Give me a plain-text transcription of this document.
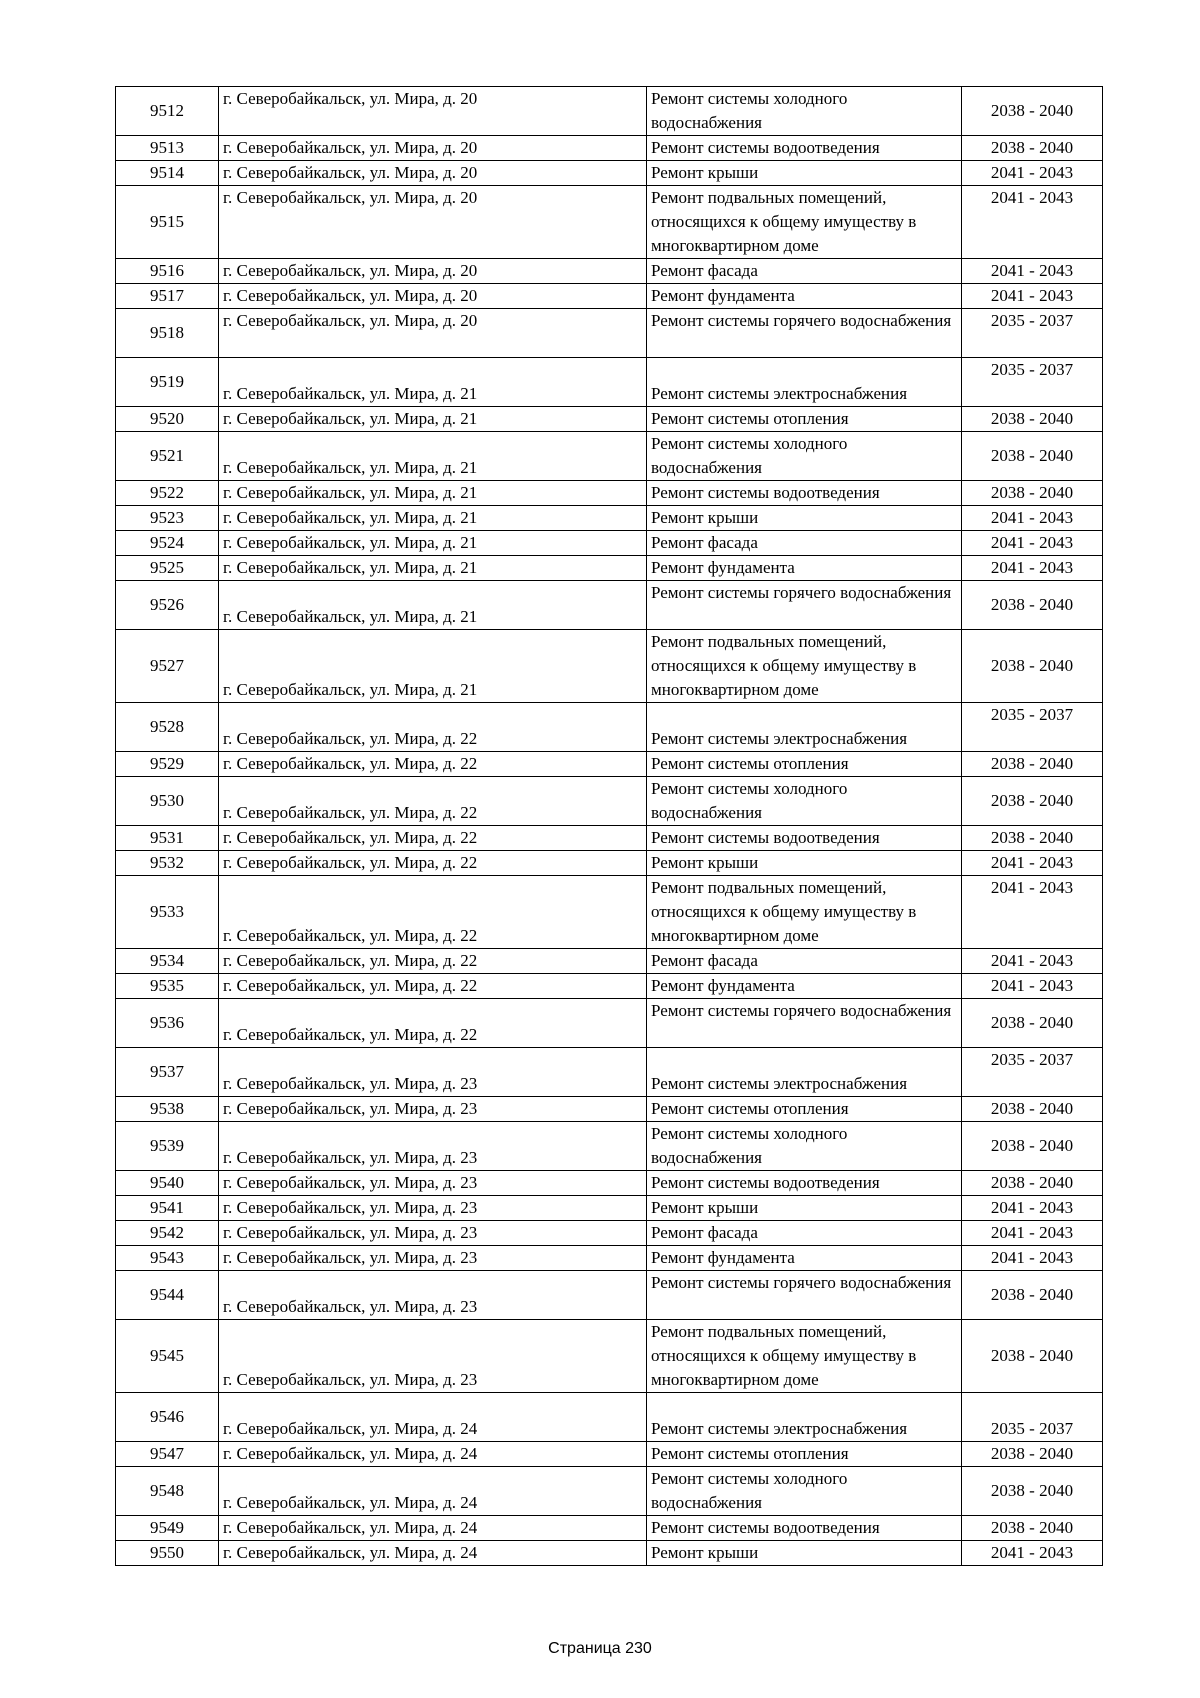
9512	г. Северобайкальск, ул. Мира, д. 20	Ремонт системы холодного водоснабжения	2038 - 2040
9513	г. Северобайкальск, ул. Мира, д. 20	Ремонт системы водоотведения	2038 - 2040
9514	г. Северобайкальск, ул. Мира, д. 20	Ремонт крыши	2041 - 2043
9515	г. Северобайкальск, ул. Мира, д. 20	Ремонт подвальных помещений, относящихся к общему имуществу в многоквартирном доме	2041 - 2043
9516	г. Северобайкальск, ул. Мира, д. 20	Ремонт фасада	2041 - 2043
9517	г. Северобайкальск, ул. Мира, д. 20	Ремонт фундамента	2041 - 2043
9518	г. Северобайкальск, ул. Мира, д. 20	Ремонт системы горячего водоснабжения	2035 - 2037
9519	г. Северобайкальск, ул. Мира, д. 21	Ремонт системы электроснабжения	2035 - 2037
9520	г. Северобайкальск, ул. Мира, д. 21	Ремонт системы отопления	2038 - 2040
9521	г. Северобайкальск, ул. Мира, д. 21	Ремонт системы холодного водоснабжения	2038 - 2040
9522	г. Северобайкальск, ул. Мира, д. 21	Ремонт системы водоотведения	2038 - 2040
9523	г. Северобайкальск, ул. Мира, д. 21	Ремонт крыши	2041 - 2043
9524	г. Северобайкальск, ул. Мира, д. 21	Ремонт фасада	2041 - 2043
9525	г. Северобайкальск, ул. Мира, д. 21	Ремонт фундамента	2041 - 2043
9526	г. Северобайкальск, ул. Мира, д. 21	Ремонт системы горячего водоснабжения	2038 - 2040
9527	г. Северобайкальск, ул. Мира, д. 21	Ремонт подвальных помещений, относящихся к общему имуществу в многоквартирном доме	2038 - 2040
9528	г. Северобайкальск, ул. Мира, д. 22	Ремонт системы электроснабжения	2035 - 2037
9529	г. Северобайкальск, ул. Мира, д. 22	Ремонт системы отопления	2038 - 2040
9530	г. Северобайкальск, ул. Мира, д. 22	Ремонт системы холодного водоснабжения	2038 - 2040
9531	г. Северобайкальск, ул. Мира, д. 22	Ремонт системы водоотведения	2038 - 2040
9532	г. Северобайкальск, ул. Мира, д. 22	Ремонт крыши	2041 - 2043
9533	г. Северобайкальск, ул. Мира, д. 22	Ремонт подвальных помещений, относящихся к общему имуществу в многоквартирном доме	2041 - 2043
9534	г. Северобайкальск, ул. Мира, д. 22	Ремонт фасада	2041 - 2043
9535	г. Северобайкальск, ул. Мира, д. 22	Ремонт фундамента	2041 - 2043
9536	г. Северобайкальск, ул. Мира, д. 22	Ремонт системы горячего водоснабжения	2038 - 2040
9537	г. Северобайкальск, ул. Мира, д. 23	Ремонт системы электроснабжения	2035 - 2037
9538	г. Северобайкальск, ул. Мира, д. 23	Ремонт системы отопления	2038 - 2040
9539	г. Северобайкальск, ул. Мира, д. 23	Ремонт системы холодного водоснабжения	2038 - 2040
9540	г. Северобайкальск, ул. Мира, д. 23	Ремонт системы водоотведения	2038 - 2040
9541	г. Северобайкальск, ул. Мира, д. 23	Ремонт крыши	2041 - 2043
9542	г. Северобайкальск, ул. Мира, д. 23	Ремонт фасада	2041 - 2043
9543	г. Северобайкальск, ул. Мира, д. 23	Ремонт фундамента	2041 - 2043
9544	г. Северобайкальск, ул. Мира, д. 23	Ремонт системы горячего водоснабжения	2038 - 2040
9545	г. Северобайкальск, ул. Мира, д. 23	Ремонт подвальных помещений, относящихся к общему имуществу в многоквартирном доме	2038 - 2040
9546	г. Северобайкальск, ул. Мира, д. 24	Ремонт системы электроснабжения	2035 - 2037
9547	г. Северобайкальск, ул. Мира, д. 24	Ремонт системы отопления	2038 - 2040
9548	г. Северобайкальск, ул. Мира, д. 24	Ремонт системы холодного водоснабжения	2038 - 2040
9549	г. Северобайкальск, ул. Мира, д. 24	Ремонт системы водоотведения	2038 - 2040
9550	г. Северобайкальск, ул. Мира, д. 24	Ремонт крыши	2041 - 2043
Страница 230
